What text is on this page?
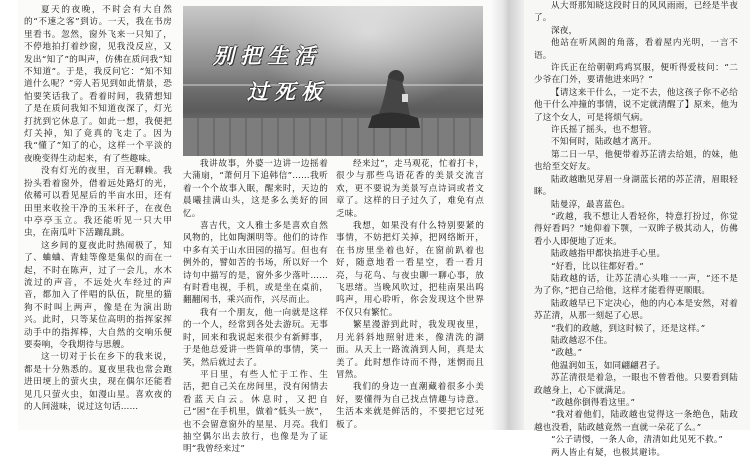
夏天的夜晚，不时会有大自然的“不速之客”到访。一天，我在书房里看书。忽然，窗外飞来一只知了，不停地拍打着纱窗，见我没反应，又发出“知了”的叫声，仿佛在质问我“知不知道”。于是，我反问它：“知不知道什么呢？”旁人若见到如此情景，恐怕要笑话我了。看着时间，我猜想知了是在质问我知不知道夜深了，灯光打扰到它休息了。如此一想，我便把灯关掉，知了竟真的飞走了。因为我“懂了”知了的心，这样一个平淡的夜晚变得生动起来，有了些趣味。

没有灯光的夜里，百无聊赖。我扮头看着窗外，借着远处路灯的光，依稀可以看见屋后的半亩水田，还有田里来收捡干净的玉米秆子，在夜色中亭亭玉立。我还能听见一只大甲虫，在南瓜叶下活蹦乱跳。

这乡间的夏夜此时热闹极了，知了、蛐蛐、青蛙等像是集似的而在一起，不时在陈声，过了一会儿，水木流过的声音，不远处火车经过的声音，都加入了伴唱的队伍，院里的猫狗不时叫上两声，像是在为演出助兴。此时，只等某位高明的指挥家挥动手中的指挥棒，大自然的交响乐便要奏响，令我期待与思艘。

这一切对于长在乡下的我来说，都是十分熟悉的。夏夜里我也常会跑进田埂上的萤火虫，现在偶尔还能看见几只萤火虫，如漫山星。喜欢夜的的人间滋味，说过这句话……

别把生活
过死板

我讲故事，外婆一边讲一边摇着大蒲扇，“萧何月下追韩信”……我听着一个个故事入眠，醒来时，天边的晨曦挂满山头，这是多么美好的回忆。

喜吉代，文人雅士多是喜欢自然风物的，比如陶渊明等。他们的诗作中多有关于山水田园的描写。但也有例外的，譬如苦的书场，所以好一个诗句中描写的是，窗外多少落叶……有时看电视，手机，或是坐在桌前，翻翻闲书，乘兴而作，兴尽而止。

我有一个朋友，他一向就是这样的一个人，经常到各处去游玩。无事时，回来和我说起来很少有新鲜事，于是他总爱讲一些简单的事情，笑一笑，然后就过去了。

平日里，有些人忙于工作、生活，把自己关在房间里，没有闲情去看蓝天白云。休息时，又把自己“困”在手机里，做着“低头一族”，也不会留意窗外的星星、月亮。我们抽空偶尔出去放行，也像是为了证明“我曾经来过”

经来过”，走马观花，忙着打卡，很少与那些鸟语花香的美景交流言欢，更不要说为美景写点诗词或者文章了。这样的日子过久了，难免有点乏味。

我想，如果没有什么特别要紧的事情，不妨把灯关掉，把网络断开，在书房里坐着也好，在窗前趴着也好，随意地看一看星空，看一看月亮，与花鸟、与夜虫聊一聊心事，放飞思绪。当晚风吹过，把桂南果出呜呜声，用心聆听，你会发现这个世界不仅只有繁忙。

繁星漫游到此时，我发现夜里，月光斜斜地照射进来，像清洗的湖面。从天上一路流淌到人间，真是太美了。此时想作诗而不得，迷惘而且冒然。

我们的身边一直潮藏着很多小美好，要懂得为自己找点情趣与诗意。生活本来就是鲜活的，不要把它过死板了。

从大哥那知晓这段时日的风风雨雨，已经是半夜了。

深夜，

他站在听风阁的角落，看着屋内光明，一言不语。

许氏正在给朝朝鸡鸡冥服，便听得爱枝问：“二少爷在门外，要请他进来吗？”

【请这来干什么，一定不去，他这孩子你不必给他干什么冲撞的事情，说不定就清醒了】原来，他为了这个女人，可是将烦气病。

许氏摇了摇头，也不想管。

不知何时，陆政越才离开。

第二日一早，他便带着苏芷清去给姐，的妹，他也给至交好友。

陆政越瞧见芽眉一身湖蓝长裙的苏芷清，眉眼轻眯。

陆曼淳，最喜蓝色。

“政越，我不想让人看轻你，特意打扮过，你觉得好看吗？”她仰着下颚，一双眸子极其动人，仿佛看小人即便地了近来。

陆政越指甲都快掐进手心里。

“好看，比以往都好看。”

陆政越的话，让苏芷清心头唯一一声，“还不是为了你，”把自己给他，这样才能看得更顺眼。

陆政越早已下定决心，他的内心本是安然，对着苏芷清，从那一刻起了心思。

“我们的政越，到这时候了，还是这样。”

陆政越忍不住。

“政越。”

他温润如玉，如同翩翩君子。

苏芷清很是着急，一眼也不曾看他。只要看到陆政越身上，心下就满足。

“政越你倒得看这里。”

“我对着他们，陆政越也觉得这一条绝色，陆政越也没看，陆政越竟然一直就一朵花了么。”

“公子请慢，一条人命，清清如此见死不救。”

两人皆止有疑，也极其避讳。
